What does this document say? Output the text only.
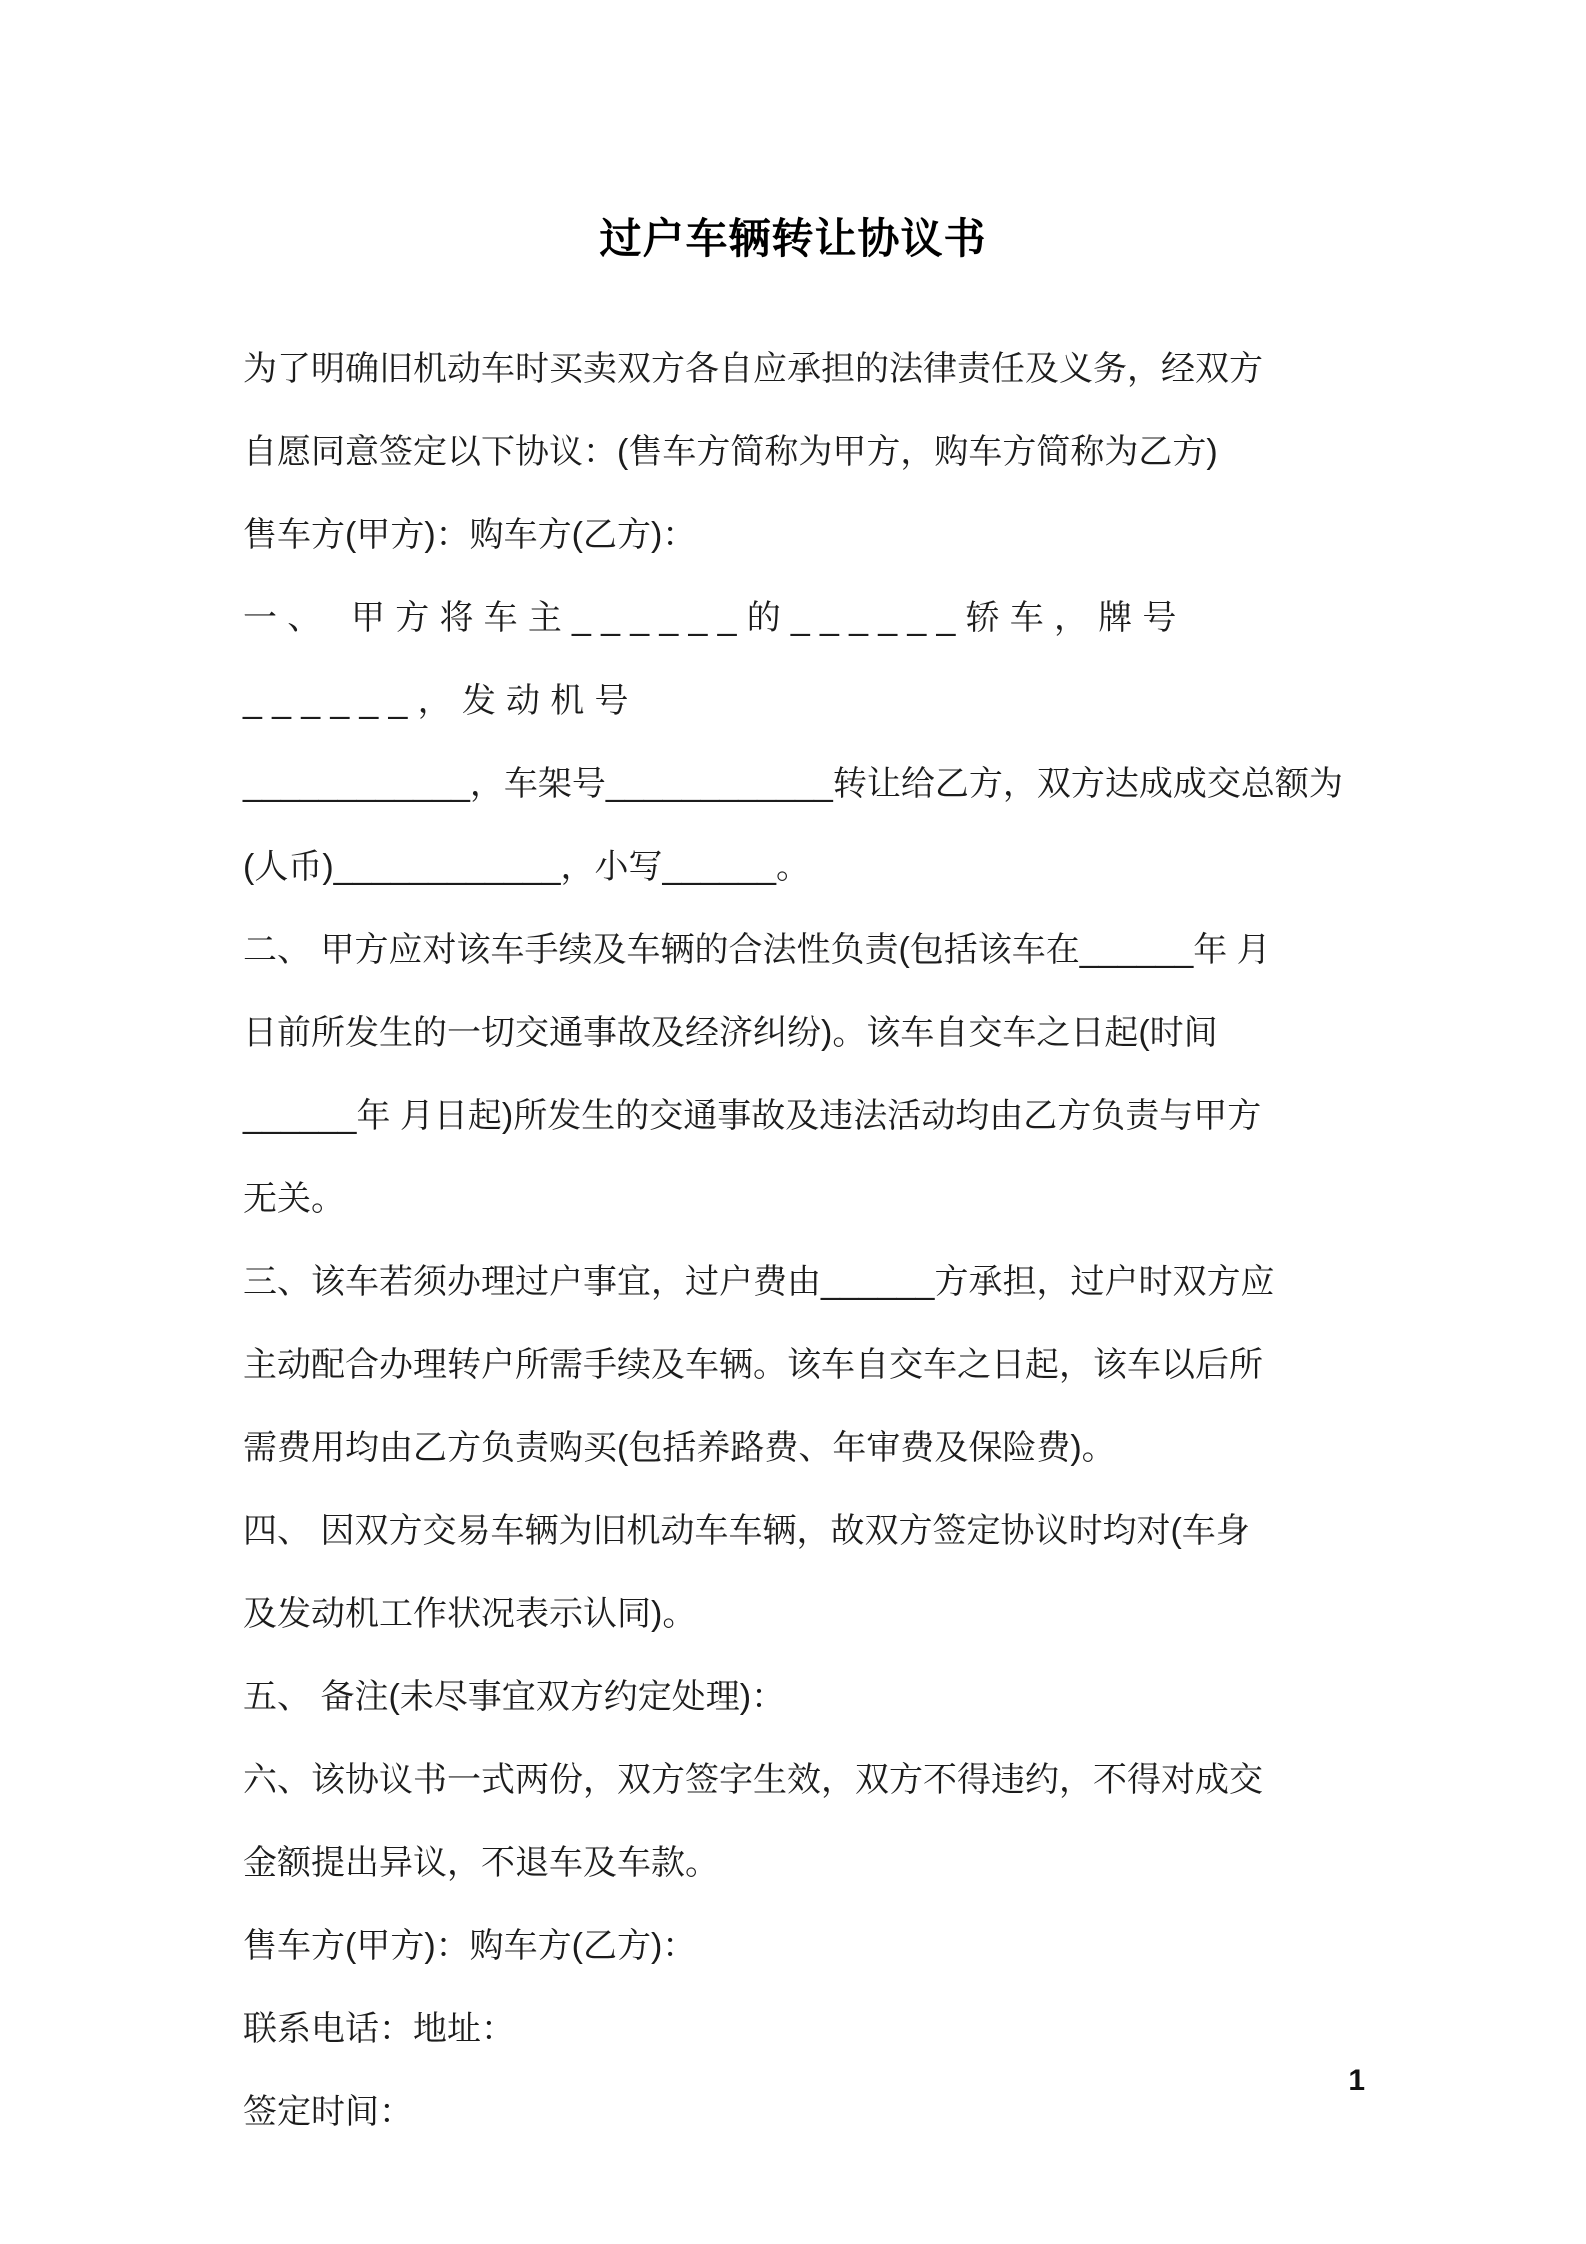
过户车辆转让协议书
为了明确旧机动车时买卖双方各自应承担的法律责任及义务，经双方
自愿同意签定以下协议：(售车方简称为甲方，购车方简称为乙方)
售车方(甲方)：购车方(乙方)：
一、 甲方将车主______的______轿车，牌号______，发动机号
____________，车架号____________转让给乙方，双方达成成交总额为
(人币)____________，小写______。
二、 甲方应对该车手续及车辆的合法性负责(包括该车在______年 月
日前所发生的一切交通事故及经济纠纷)。该车自交车之日起(时间
______年 月日起)所发生的交通事故及违法活动均由乙方负责与甲方
无关。
三、该车若须办理过户事宜，过户费由______方承担，过户时双方应
主动配合办理转户所需手续及车辆。该车自交车之日起，该车以后所
需费用均由乙方负责购买(包括养路费、年审费及保险费)。
四、 因双方交易车辆为旧机动车车辆，故双方签定协议时均对(车身
及发动机工作状况表示认同)。
五、 备注(未尽事宜双方约定处理)：
六、该协议书一式两份，双方签字生效，双方不得违约，不得对成交
金额提出异议，不退车及车款。
售车方(甲方)：购车方(乙方)：
联系电话：地址：
签定时间：
1
